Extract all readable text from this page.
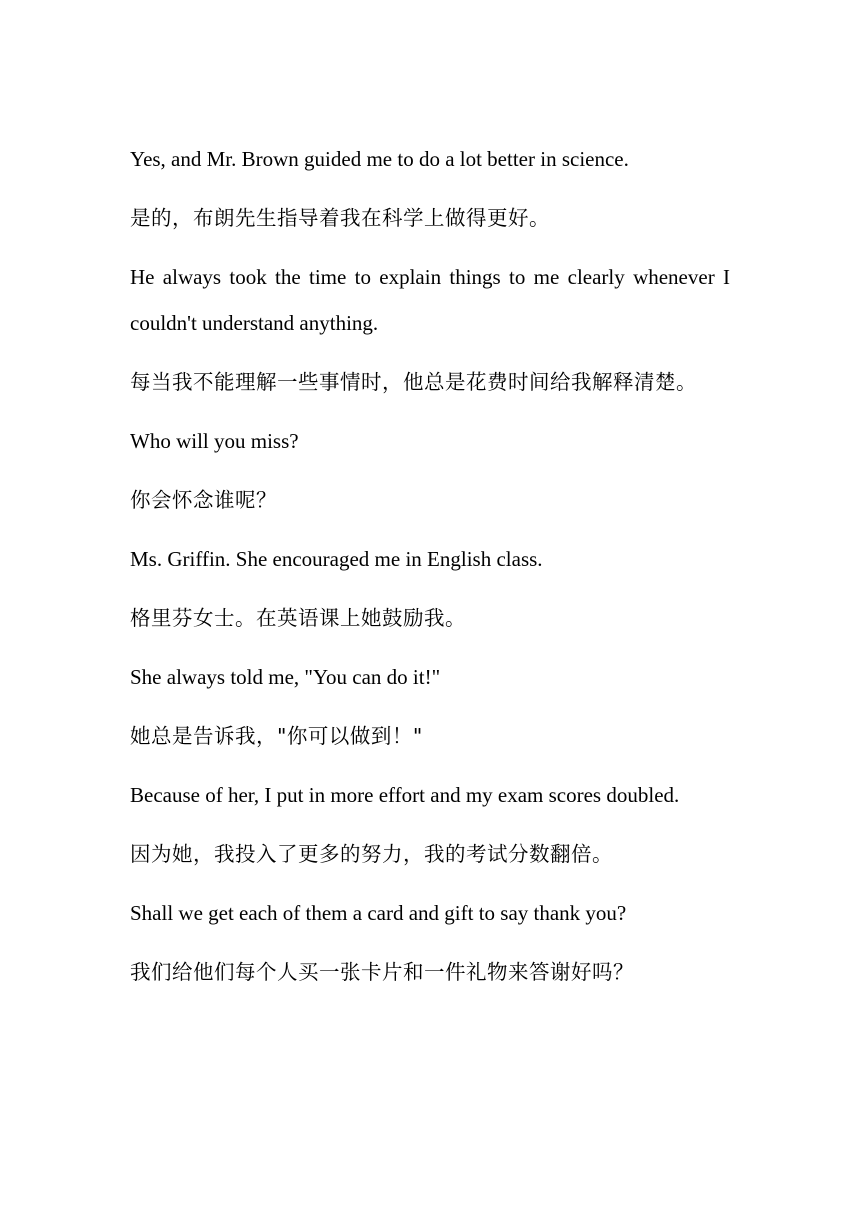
Yes, and Mr. Brown guided me to do a lot better in science.

是的，布朗先生指导着我在科学上做得更好。

He always took the time to explain things to me clearly whenever I couldn't understand anything.

每当我不能理解一些事情时，他总是花费时间给我解释清楚。

Who will you miss?

你会怀念谁呢？

Ms. Griffin. She encouraged me in English class.

格里芬女士。在英语课上她鼓励我。

She always told me, "You can do it!"

她总是告诉我，"你可以做到！"

Because of her, I put in more effort and my exam scores doubled.

因为她，我投入了更多的努力，我的考试分数翻倍。

Shall we get each of them a card and gift to say thank you?

我们给他们每个人买一张卡片和一件礼物来答谢好吗？
